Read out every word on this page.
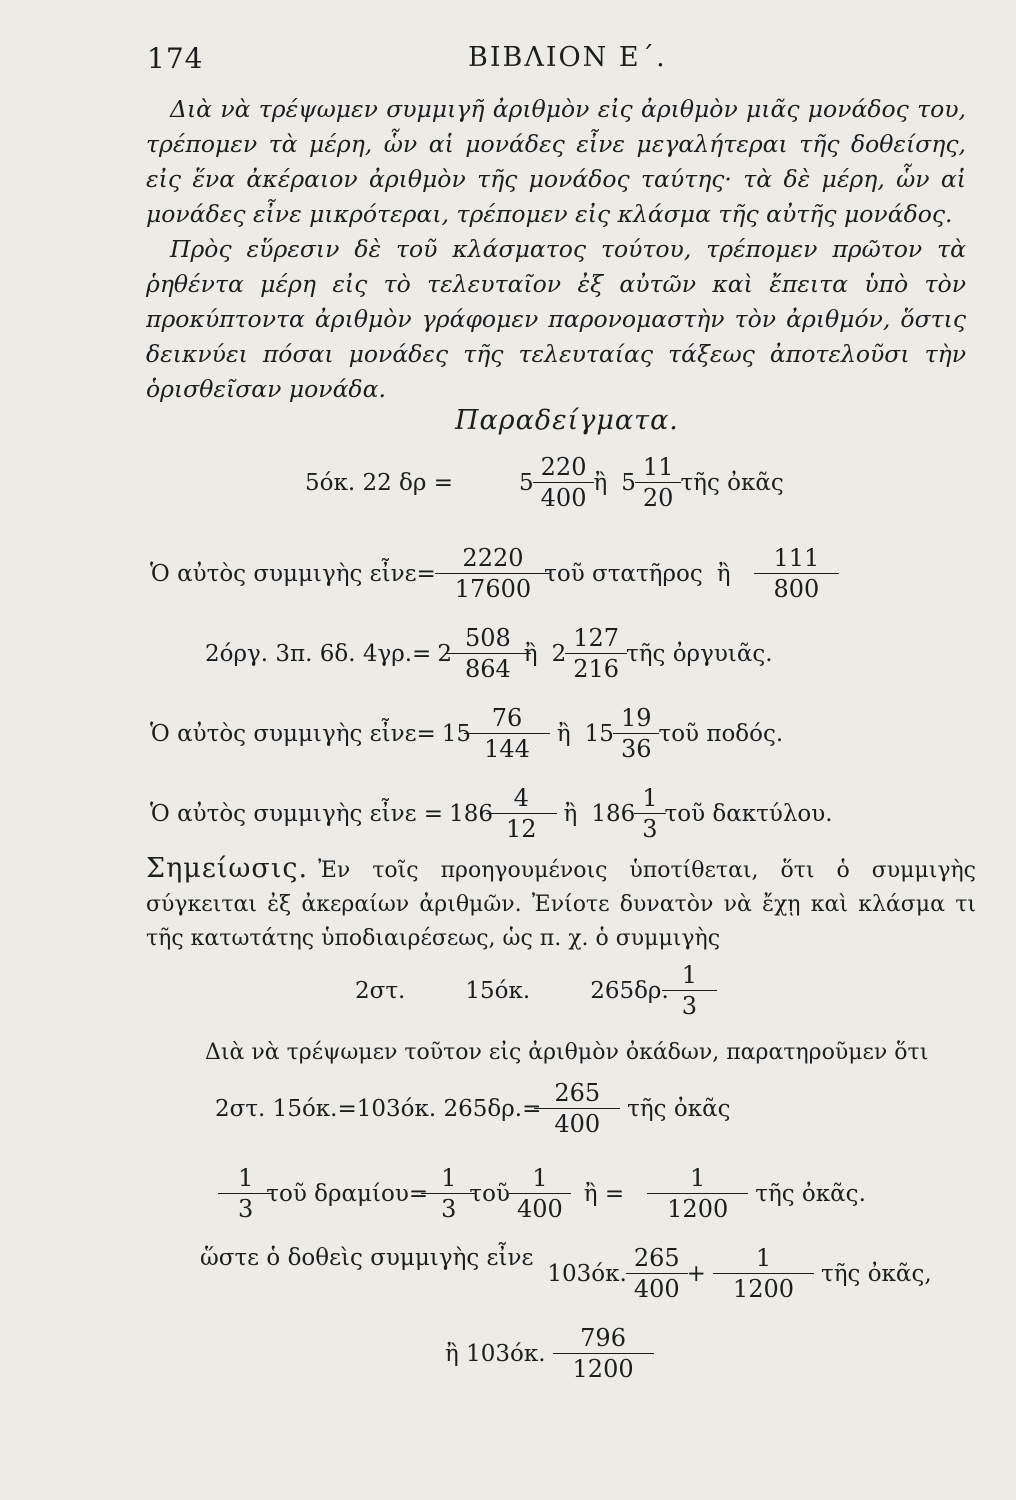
174	ΒΙΒΛΙΟΝ Ε΄.

Διὰ νὰ τρέψωμεν συμμιγῆ ἀριθμὸν εἰς ἀριθμὸν μιᾶς μονάδος του, τρέπομεν τὰ μέρη, ὧν αἱ μονάδες εἶνε μεγαλήτεραι τῆς δοθείσης, εἰς ἕνα ἀκέραιον ἀριθμὸν τῆς μονάδος ταύτης· τὰ δὲ μέρη, ὧν αἱ μονάδες εἶνε μικρότεραι, τρέπομεν εἰς κλάσμα τῆς αὐτῆς μονάδος.

Πρὸς εὕρεσιν δὲ τοῦ κλάσματος τούτου, τρέπομεν πρῶτον τὰ ῥηθέντα μέρη εἰς τὸ τελευταῖον ἐξ αὐτῶν καὶ ἔπειτα ὑπὸ τὸν προκύπτοντα ἀριθμὸν γράφομεν παρονομαστὴν τὸν ἀριθμόν, ὅστις δεικνύει πόσαι μονάδες τῆς τελευταίας τάξεως ἀποτελοῦσι τὴν ὁρισθεῖσαν μονάδα.

Παραδείγματα.
5όκ. 22 δρ =	$5 \frac{220}{400}$ ἢ $5 \frac{11}{20}$ τῆς ὀκᾶς
Ὁ αὐτὸς συμμιγὴς εἶνε= $\frac{2220}{17600}$ τοῦ στατῆρος ἢ $\frac{111}{800}$
2όργ. 3π. 6δ. $4\gamma\rho.= 2 \frac{508}{864}$ ἢ $2 \frac{127}{216}$ τῆς ὀργυιᾶς.
Ὁ αὐτὸς συμμιγὴς εἶνε= $15 \frac{76}{144}$ ἢ $15 \frac{19}{36}$ τοῦ ποδός.
Ὁ αὐτὸς συμμιγὴς εἶνε = $186 \frac{4}{12}$ ἢ $186 \frac{1}{3}$ τοῦ δακτύλου.

Σημείωσις. Ἐν τοῖς προηγουμένοις ὑποτίθεται, ὅτι ὁ συμμιγὴς σύγκειται ἐξ ἀκεραίων ἀριθμῶν. Ἐνίοτε δυνατὸν νὰ ἔχῃ καὶ κλάσμα τι τῆς κατωτάτης ὑποδιαιρέσεως, ὡς π. χ. ὁ συμμιγὴς

2στ.	15όκ.	265δρ. $\frac{1}{3}$
Διὰ νὰ τρέψωμεν τοῦτον εἰς ἀριθμὸν ὀκάδων, παρατηροῦμεν ὅτι
2στ. 15όκ.=103όκ. $265\delta\rho.= \frac{265}{400}$ τῆς ὀκᾶς
$\frac{1}{3}$ τοῦ $\delta\rho\alpha\mu ίo\upsilon= \frac{1}{3}$ τοῦ $\frac{1}{400}$ ἢ = $\frac{1}{1200}$ τῆς ὀκᾶς.
ὥστε ὁ δοθεὶς συμμιγὴς εἶνε
103όκ. $\frac{265}{400} + \frac{1}{1200}$ τῆς ὀκᾶς,
ἢ 103όκ. $\frac{796}{1200}$
